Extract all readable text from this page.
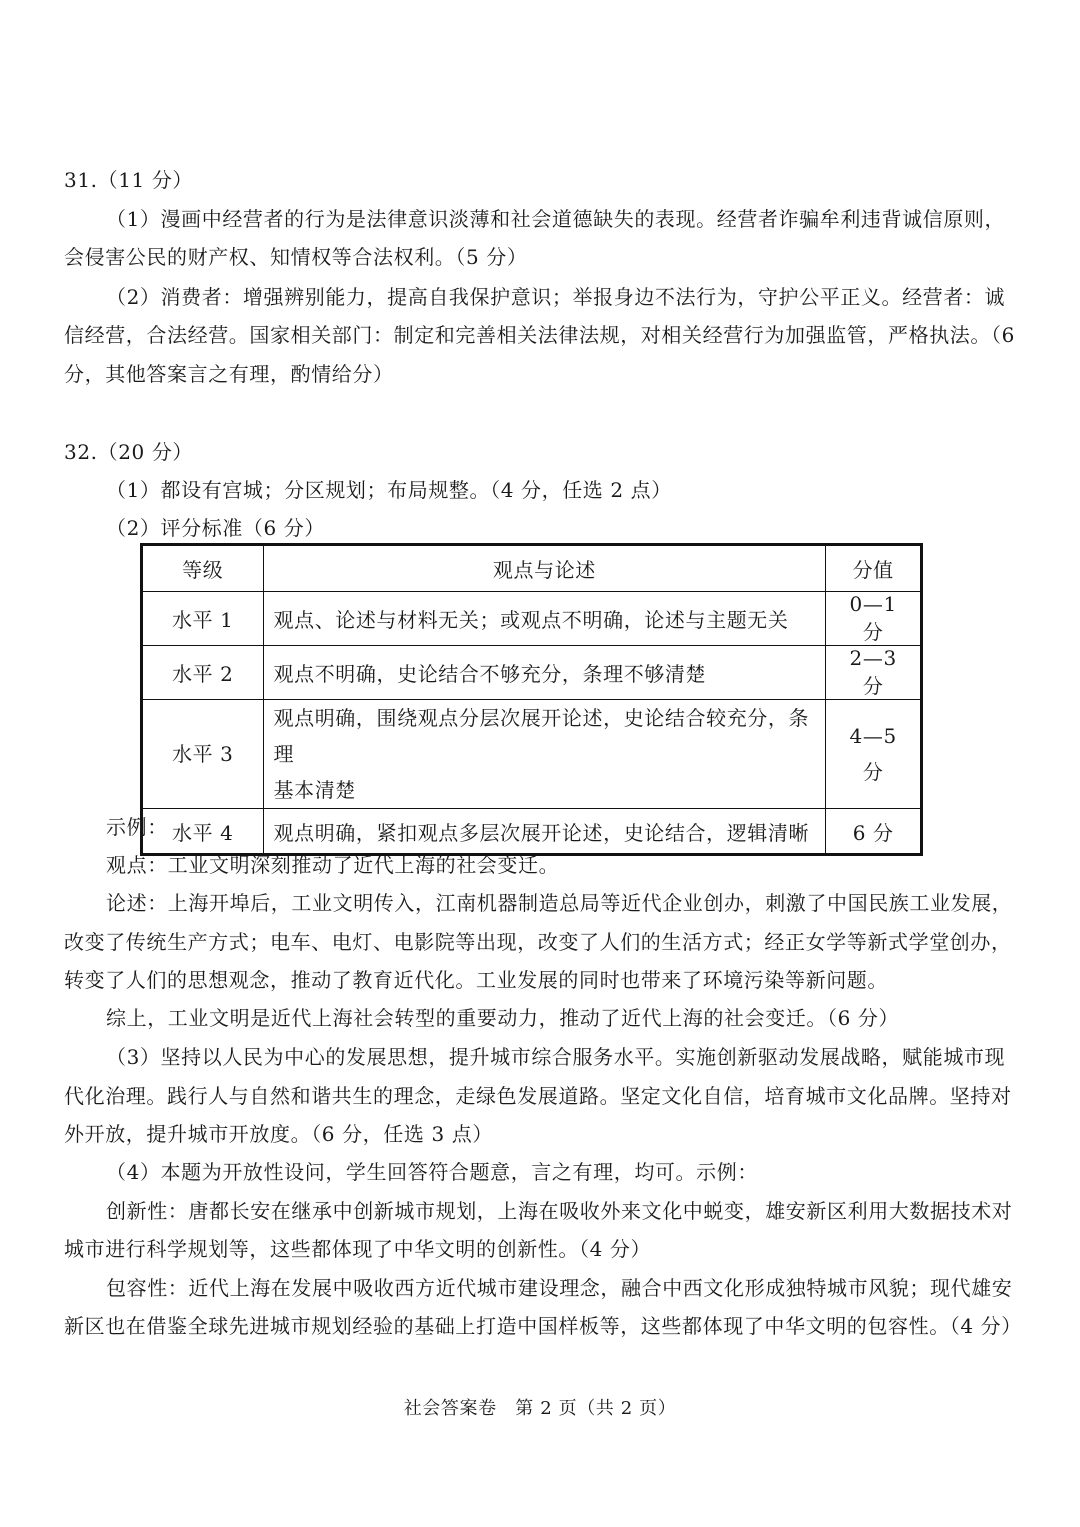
31.（11 分）
（1）漫画中经营者的行为是法律意识淡薄和社会道德缺失的表现。经营者诈骗牟利违背诚信原则，
会侵害公民的财产权、知情权等合法权利。（5 分）
（2）消费者：增强辨别能力，提高自我保护意识；举报身边不法行为，守护公平正义。经营者：诚
信经营，合法经营。国家相关部门：制定和完善相关法律法规，对相关经营行为加强监管，严格执法。（6
分，其他答案言之有理，酌情给分）
32.（20 分）
（1）都设有宫城；分区规划；布局规整。（4 分，任选 2 点）
（2）评分标准（6 分）
等级	观点与论述	分值
水平 1	观点、论述与材料无关；或观点不明确，论述与主题无关	0—1 分
水平 2	观点不明确，史论结合不够充分，条理不够清楚	2—3 分
水平 3	观点明确，围绕观点分层次展开论述，史论结合较充分，条理
基本清楚	4—5 分
水平 4	观点明确，紧扣观点多层次展开论述，史论结合，逻辑清晰	6 分
示例：
观点：工业文明深刻推动了近代上海的社会变迁。
论述：上海开埠后，工业文明传入，江南机器制造总局等近代企业创办，刺激了中国民族工业发展，
改变了传统生产方式；电车、电灯、电影院等出现，改变了人们的生活方式；经正女学等新式学堂创办，
转变了人们的思想观念，推动了教育近代化。工业发展的同时也带来了环境污染等新问题。
综上，工业文明是近代上海社会转型的重要动力，推动了近代上海的社会变迁。（6 分）
（3）坚持以人民为中心的发展思想，提升城市综合服务水平。实施创新驱动发展战略，赋能城市现
代化治理。践行人与自然和谐共生的理念，走绿色发展道路。坚定文化自信，培育城市文化品牌。坚持对
外开放，提升城市开放度。（6 分，任选 3 点）
（4）本题为开放性设问，学生回答符合题意，言之有理，均可。示例：
创新性：唐都长安在继承中创新城市规划，上海在吸收外来文化中蜕变，雄安新区利用大数据技术对
城市进行科学规划等，这些都体现了中华文明的创新性。（4 分）
包容性：近代上海在发展中吸收西方近代城市建设理念，融合中西文化形成独特城市风貌；现代雄安
新区也在借鉴全球先进城市规划经验的基础上打造中国样板等，这些都体现了中华文明的包容性。（4 分）
社会答案卷　第 2 页（共 2 页）
